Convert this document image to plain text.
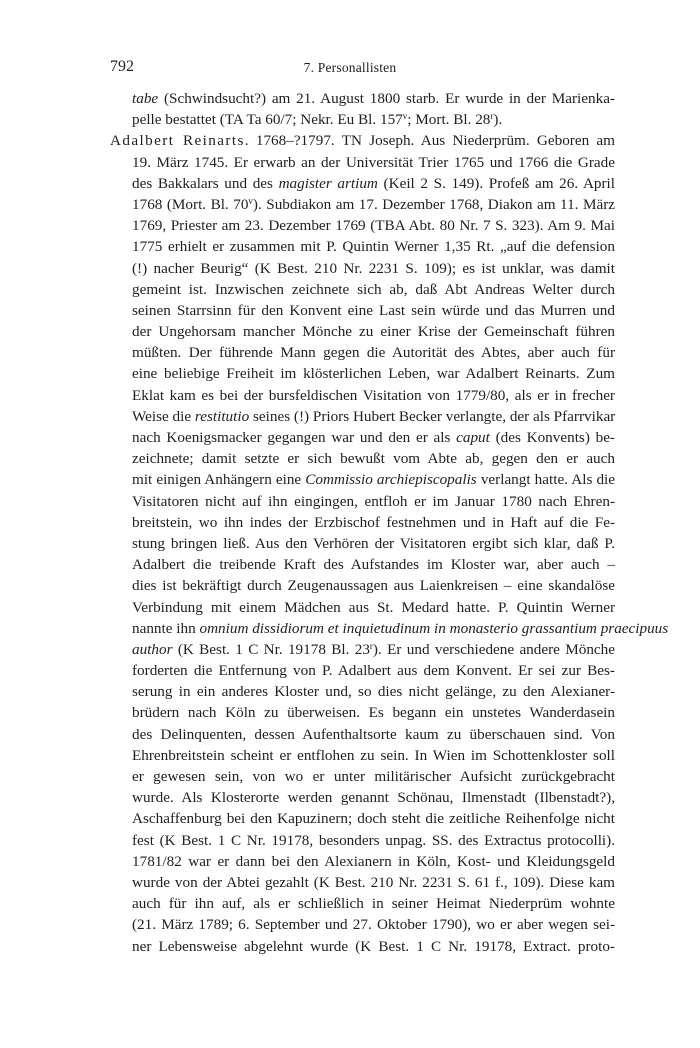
792	7. Personallisten
tabe (Schwindsucht?) am 21. August 1800 starb. Er wurde in der Marienka-
pelle bestattet (TA Ta 60/7; Nekr. Eu Bl. 157$^v$; Mort. Bl. 28$^r$).
Adalbert Reinarts. 1768–?1797. TN Joseph. Aus Niederprüm. Geboren am
19. März 1745. Er erwarb an der Universität Trier 1765 und 1766 die Grade
des Bakkalars und des magister artium (Keil 2 S. 149). Profeß am 26. April
1768 (Mort. Bl. 70$^v$). Subdiakon am 17. Dezember 1768, Diakon am 11. März
1769, Priester am 23. Dezember 1769 (TBA Abt. 80 Nr. 7 S. 323). Am 9. Mai
1775 erhielt er zusammen mit P. Quintin Werner 1,35 Rt. „auf die defension
(!) nacher Beurig“ (K Best. 210 Nr. 2231 S. 109); es ist unklar, was damit
gemeint ist. Inzwischen zeichnete sich ab, daß Abt Andreas Welter durch
seinen Starrsinn für den Konvent eine Last sein würde und das Murren und
der Ungehorsam mancher Mönche zu einer Krise der Gemeinschaft führen
müßten. Der führende Mann gegen die Autorität des Abtes, aber auch für
eine beliebige Freiheit im klösterlichen Leben, war Adalbert Reinarts. Zum
Eklat kam es bei der bursfeldischen Visitation von 1779/80, als er in frecher
Weise die restitutio seines (!) Priors Hubert Becker verlangte, der als Pfarrvikar
nach Koenigsmacker gegangen war und den er als caput (des Konvents) be-
zeichnete; damit setzte er sich bewußt vom Abte ab, gegen den er auch
mit einigen Anhängern eine Commissio archiepiscopalis verlangt hatte. Als die
Visitatoren nicht auf ihn eingingen, entfloh er im Januar 1780 nach Ehren-
breitstein, wo ihn indes der Erzbischof festnehmen und in Haft auf die Fe-
stung bringen ließ. Aus den Verhören der Visitatoren ergibt sich klar, daß P.
Adalbert die treibende Kraft des Aufstandes im Kloster war, aber auch –
dies ist bekräftigt durch Zeugenaussagen aus Laienkreisen – eine skandalöse
Verbindung mit einem Mädchen aus St. Medard hatte. P. Quintin Werner
nannte ihn omnium dissidiorum et inquietudinum in monasterio grassantium praecipuus
author (K Best. 1 C Nr. 19178 Bl. 23$^r$). Er und verschiedene andere Mönche
forderten die Entfernung von P. Adalbert aus dem Konvent. Er sei zur Bes-
serung in ein anderes Kloster und, so dies nicht gelänge, zu den Alexianer-
brüdern nach Köln zu überweisen. Es begann ein unstetes Wanderdasein
des Delinquenten, dessen Aufenthaltsorte kaum zu überschauen sind. Von
Ehrenbreitstein scheint er entflohen zu sein. In Wien im Schottenkloster soll
er gewesen sein, von wo er unter militärischer Aufsicht zurückgebracht
wurde. Als Klosterorte werden genannt Schönau, Ilmenstadt (Ilbenstadt?),
Aschaffenburg bei den Kapuzinern; doch steht die zeitliche Reihenfolge nicht
fest (K Best. 1 C Nr. 19178, besonders unpag. SS. des Extractus protocolli).
1781/82 war er dann bei den Alexianern in Köln, Kost- und Kleidungsgeld
wurde von der Abtei gezahlt (K Best. 210 Nr. 2231 S. 61 f., 109). Diese kam
auch für ihn auf, als er schließlich in seiner Heimat Niederprüm wohnte
(21. März 1789; 6. September und 27. Oktober 1790), wo er aber wegen sei-
ner Lebensweise abgelehnt wurde (K Best. 1 C Nr. 19178, Extract. proto-
